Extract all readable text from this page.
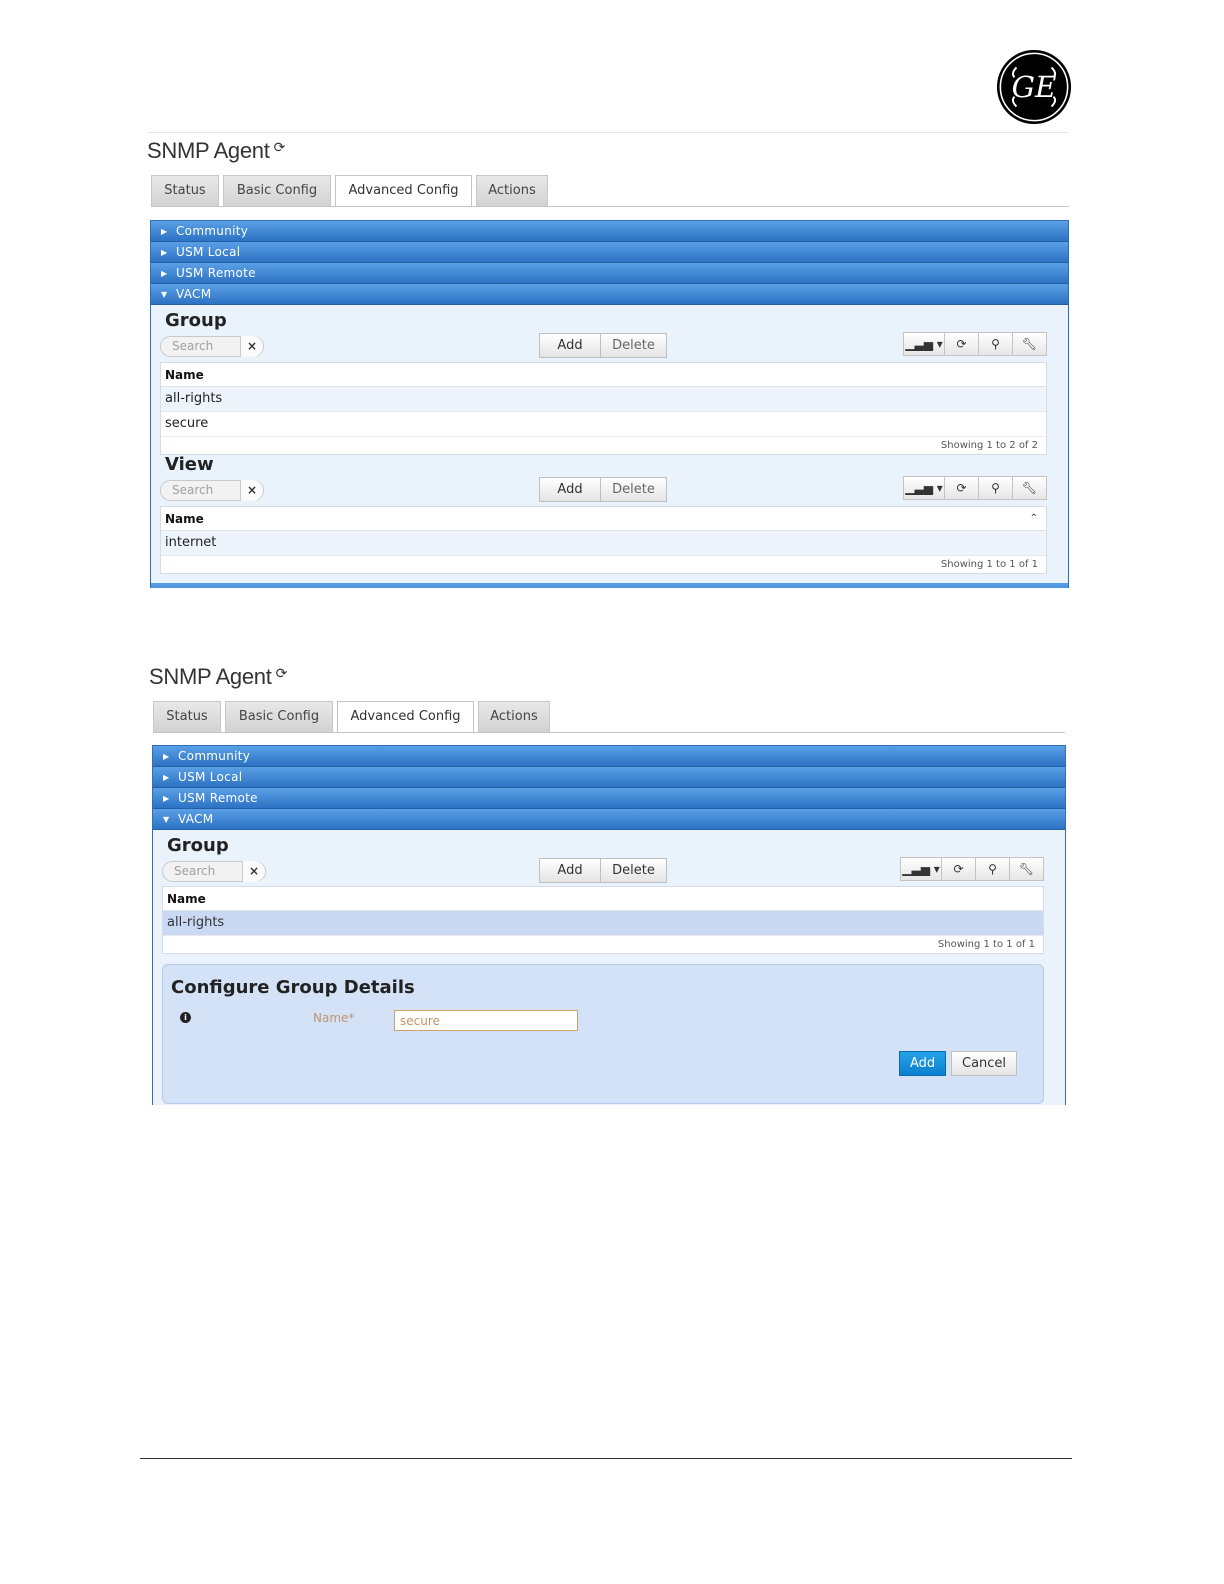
GE
SNMP Agent ⟳
Status	Basic Config	Advanced Config	Actions
▶ Community
▶ USM Local
▶ USM Remote
▼ VACM
Group
Search	×	Add	Delete	▁▃▅ ▾	⟳	⚲	🔧︎
Name
all-rights
secure
Showing 1 to 2 of 2
View
Search	×	Add	Delete	▁▃▅ ▾	⟳	⚲	🔧︎
Name	⌃
internet
Showing 1 to 1 of 1
SNMP Agent ⟳
Status	Basic Config	Advanced Config	Actions
▶ Community
▶ USM Local
▶ USM Remote
▼ VACM
Group
Search	×	Add	Delete	▁▃▅ ▾	⟳	⚲	🔧︎
Name
all-rights
Showing 1 to 1 of 1
Configure Group Details
i	Name*
secure
Add	Cancel
